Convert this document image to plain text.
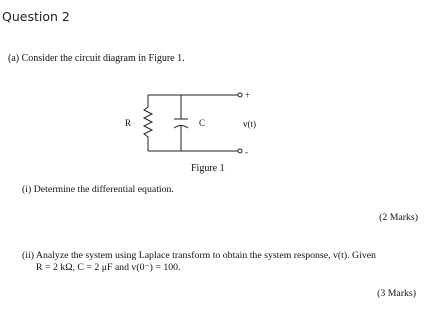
Question 2
(a) Consider the circuit diagram in Figure 1.
R	C	v(t)
+
-
Figure 1
(i) Determine the differential equation.
(2 Marks)
(ii) Analyze the system using Laplace transform to obtain the system response, v(t). Given
R = 2 kΩ, C = 2 μF and v(0⁻) = 100.
(3 Marks)
